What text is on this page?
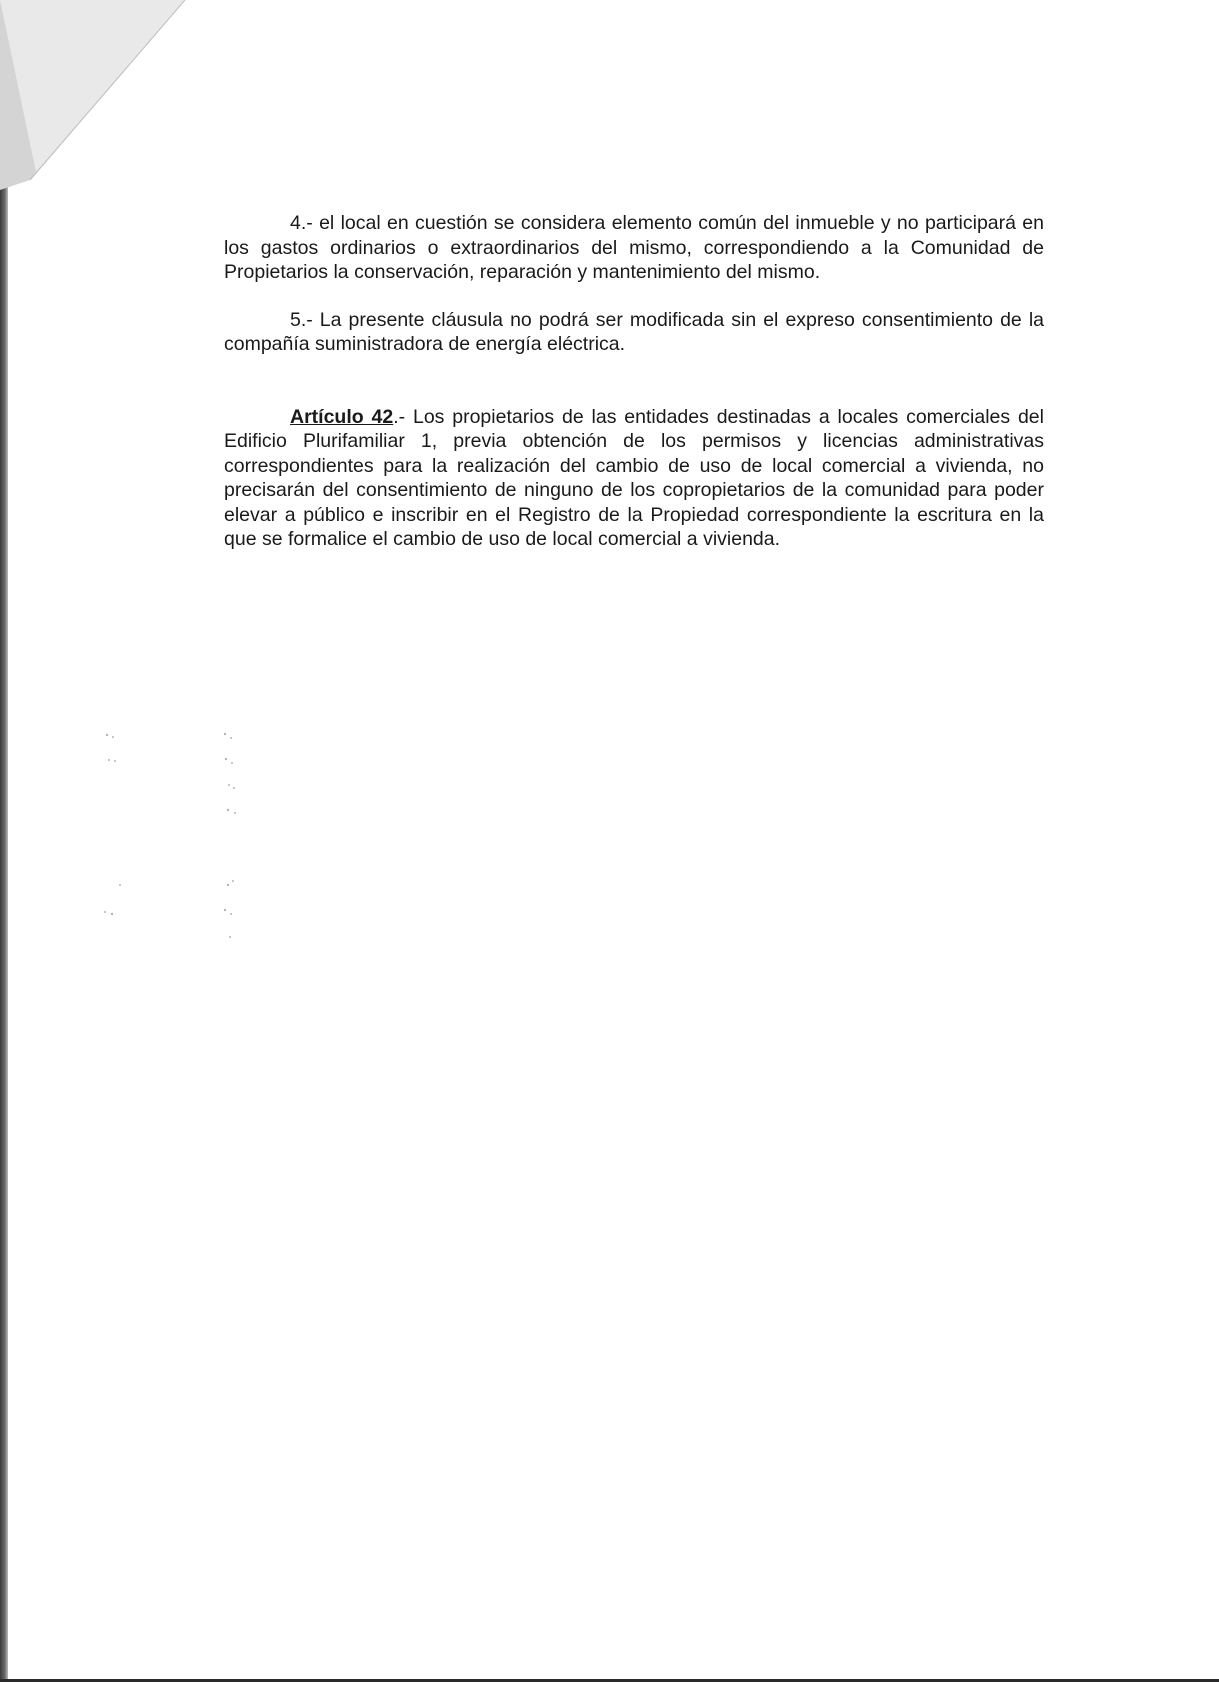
4.- el local en cuestión se considera elemento común del inmueble y no participará en los gastos ordinarios o extraordinarios del mismo, correspondiendo a la Comunidad de Propietarios la conservación, reparación y mantenimiento del mismo.

5.- La presente cláusula no podrá ser modificada sin el expreso consentimiento de la compañía suministradora de energía eléctrica.

Artículo 42.- Los propietarios de las entidades destinadas a locales comerciales del Edificio Plurifamiliar 1, previa obtención de los permisos y licencias administrativas correspondientes para la realización del cambio de uso de local comercial a vivienda, no precisarán del consentimiento de ninguno de los copropietarios de la comunidad para poder elevar a público e inscribir en el Registro de la Propiedad correspondiente la escritura en la que se formalice el cambio de uso de local comercial a vivienda.
